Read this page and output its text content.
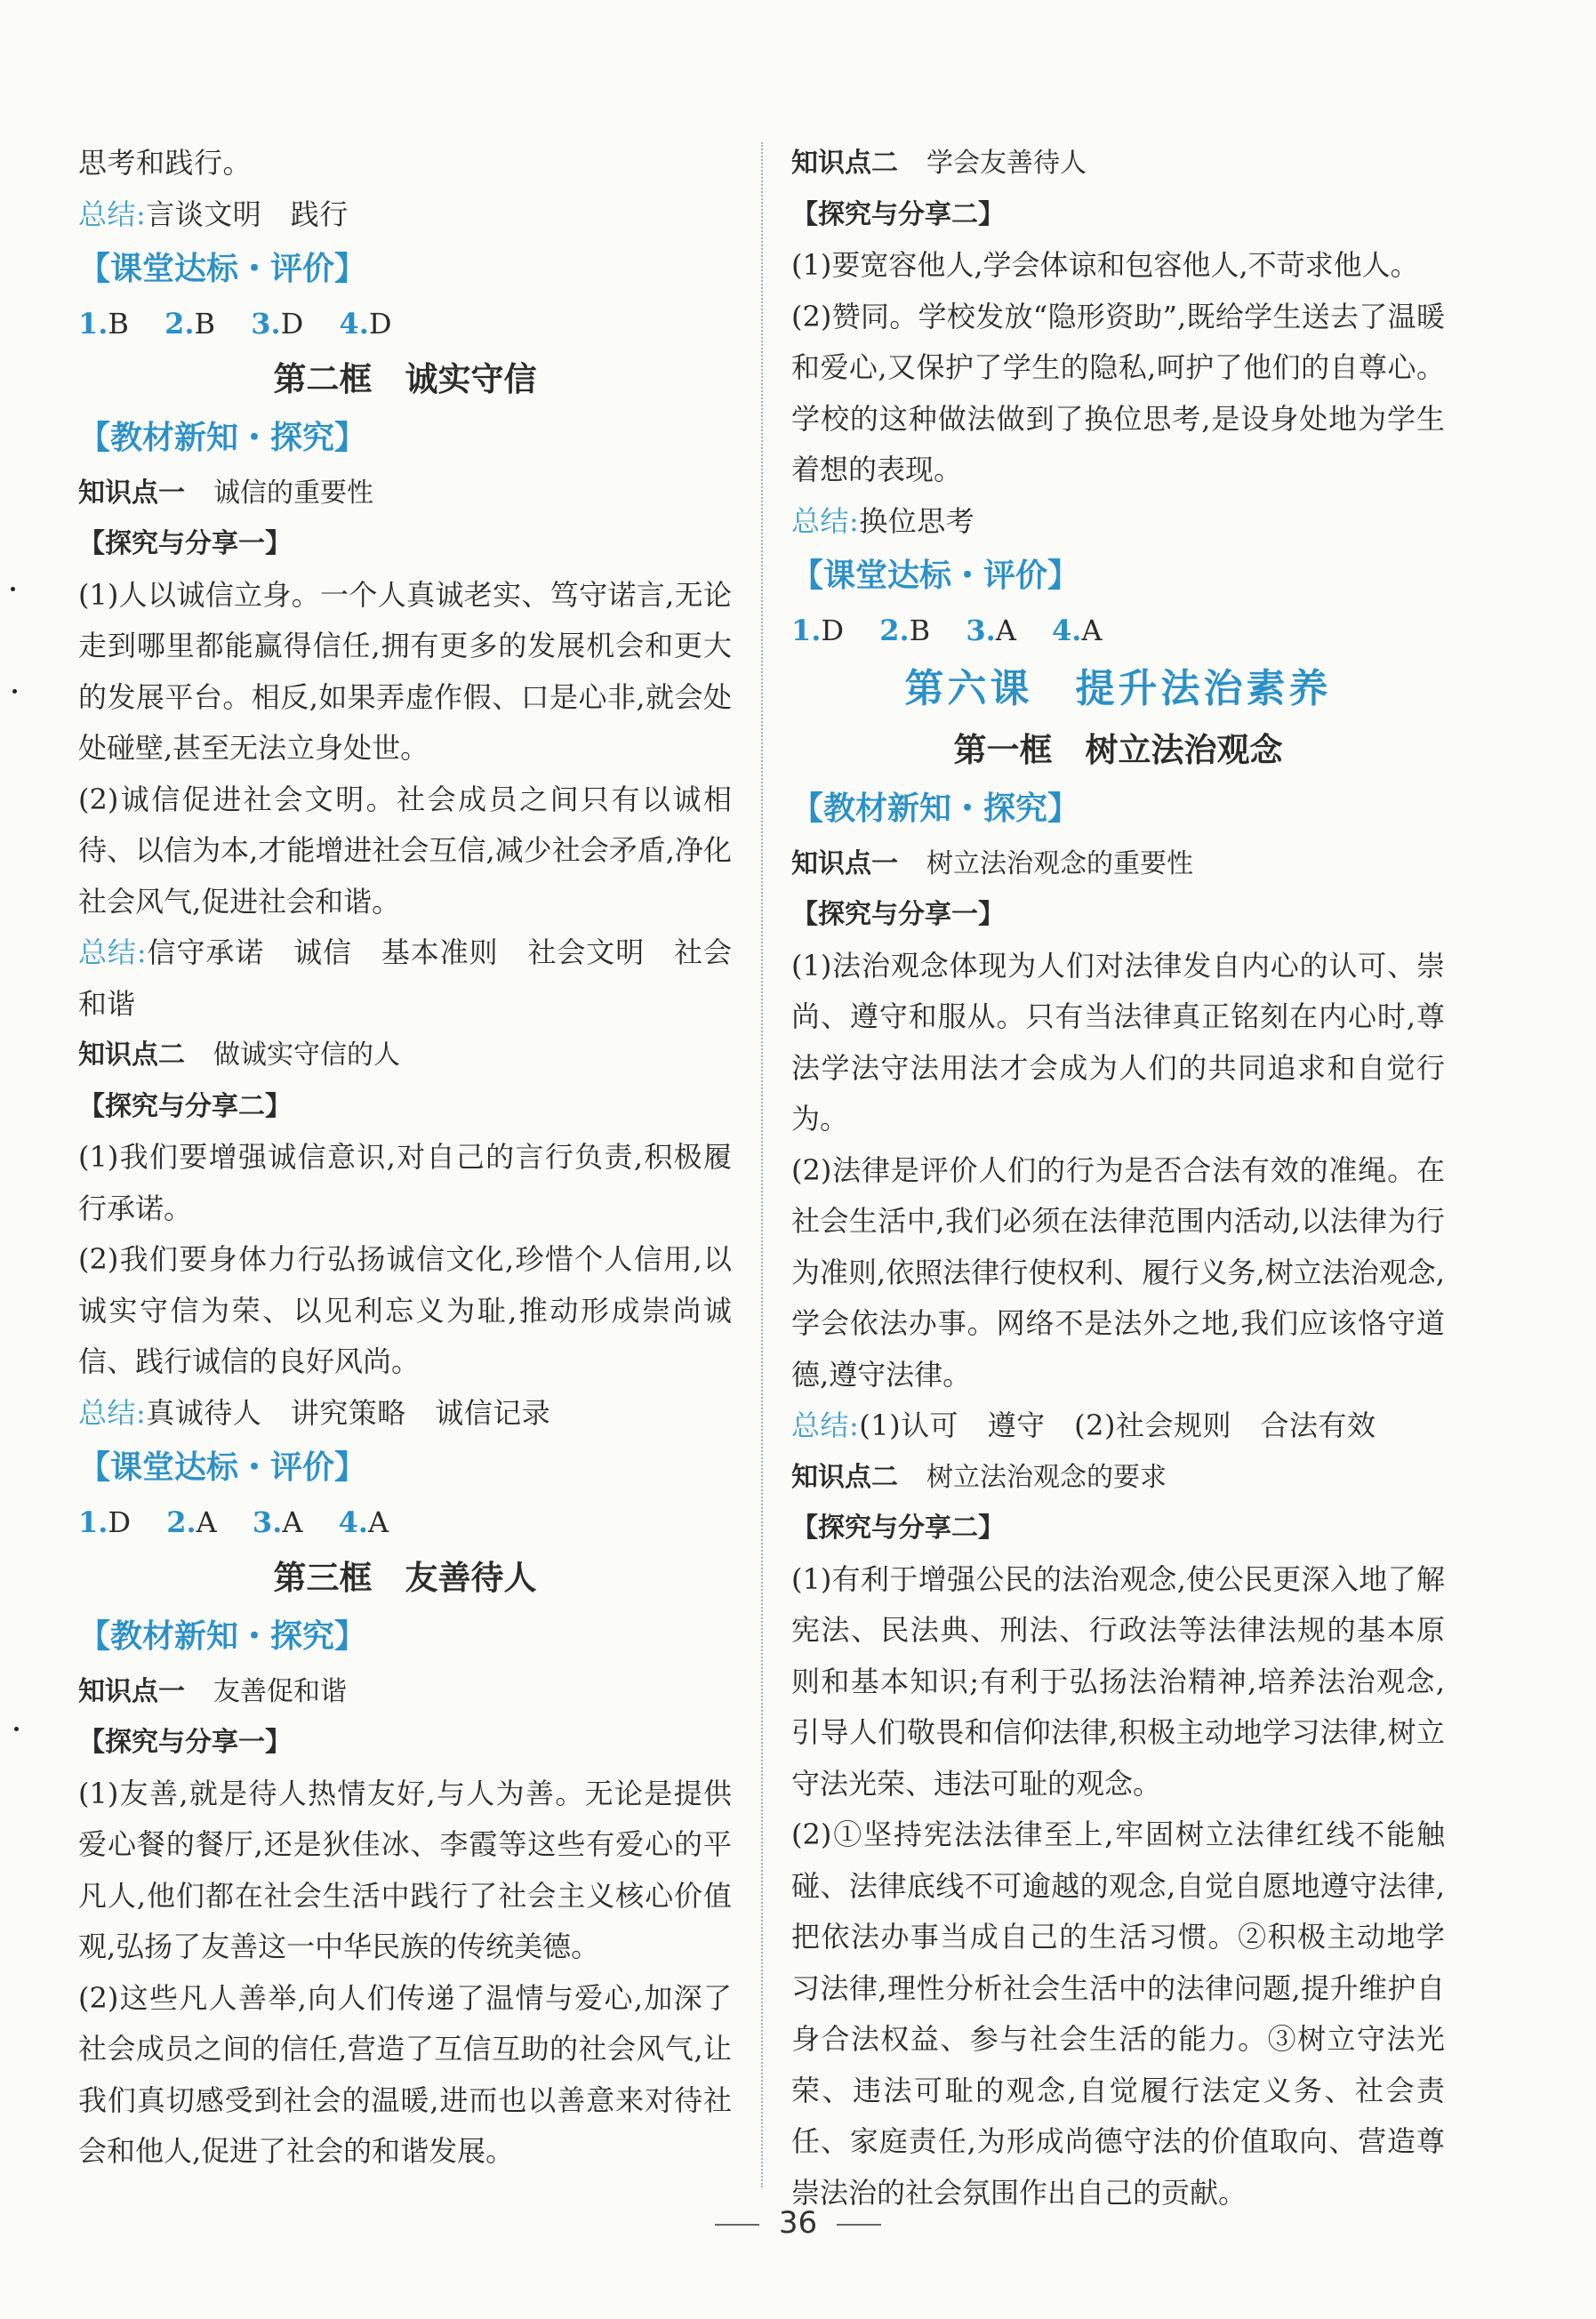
思考和践行。
总结:言谈文明　践行
【课堂达标・评价】
1.B 2.B 3.D 4.D
第二框　诚实守信
【教材新知・探究】
知识点一 诚信的重要性
【探究与分享一】
(1)人以诚信立身。一个人真诚老实、笃守诺言,无论走到哪里都能赢得信任,拥有更多的发展机会和更大的发展平台。相反,如果弄虚作假、口是心非,就会处处碰壁,甚至无法立身处世。
(2)诚信促进社会文明。社会成员之间只有以诚相待、以信为本,才能增进社会互信,减少社会矛盾,净化社会风气,促进社会和谐。
总结:信守承诺　诚信　基本准则　社会文明　社会和谐
知识点二 做诚实守信的人
【探究与分享二】
(1)我们要增强诚信意识,对自己的言行负责,积极履行承诺。
(2)我们要身体力行弘扬诚信文化,珍惜个人信用,以诚实守信为荣、以见利忘义为耻,推动形成崇尚诚信、践行诚信的良好风尚。
总结:真诚待人　讲究策略　诚信记录
【课堂达标・评价】
1.D 2.A 3.A 4.A
第三框　友善待人
【教材新知・探究】
知识点一 友善促和谐
【探究与分享一】
(1)友善,就是待人热情友好,与人为善。无论是提供爱心餐的餐厅,还是狄佳冰、李霞等这些有爱心的平凡人,他们都在社会生活中践行了社会主义核心价值观,弘扬了友善这一中华民族的传统美德。
(2)这些凡人善举,向人们传递了温情与爱心,加深了社会成员之间的信任,营造了互信互助的社会风气,让我们真切感受到社会的温暖,进而也以善意来对待社会和他人,促进了社会的和谐发展。
知识点二 学会友善待人
【探究与分享二】
(1)要宽容他人,学会体谅和包容他人,不苛求他人。
(2)赞同。学校发放“隐形资助”,既给学生送去了温暖和爱心,又保护了学生的隐私,呵护了他们的自尊心。学校的这种做法做到了换位思考,是设身处地为学生着想的表现。
总结:换位思考
【课堂达标・评价】
1.D 2.B 3.A 4.A
第六课　提升法治素养
第一框　树立法治观念
【教材新知・探究】
知识点一 树立法治观念的重要性
【探究与分享一】
(1)法治观念体现为人们对法律发自内心的认可、崇尚、遵守和服从。只有当法律真正铭刻在内心时,尊法学法守法用法才会成为人们的共同追求和自觉行为。
(2)法律是评价人们的行为是否合法有效的准绳。在社会生活中,我们必须在法律范围内活动,以法律为行为准则,依照法律行使权利、履行义务,树立法治观念,学会依法办事。网络不是法外之地,我们应该恪守道德,遵守法律。
总结:(1)认可　遵守　(2)社会规则　合法有效
知识点二 树立法治观念的要求
【探究与分享二】
(1)有利于增强公民的法治观念,使公民更深入地了解宪法、民法典、刑法、行政法等法律法规的基本原则和基本知识;有利于弘扬法治精神,培养法治观念,引导人们敬畏和信仰法律,积极主动地学习法律,树立守法光荣、违法可耻的观念。
(2)①坚持宪法法律至上,牢固树立法律红线不能触碰、法律底线不可逾越的观念,自觉自愿地遵守法律,把依法办事当成自己的生活习惯。②积极主动地学习法律,理性分析社会生活中的法律问题,提升维护自身合法权益、参与社会生活的能力。③树立守法光荣、违法可耻的观念,自觉履行法定义务、社会责任、家庭责任,为形成尚德守法的价值取向、营造尊崇法治的社会氛围作出自己的贡献。
36
